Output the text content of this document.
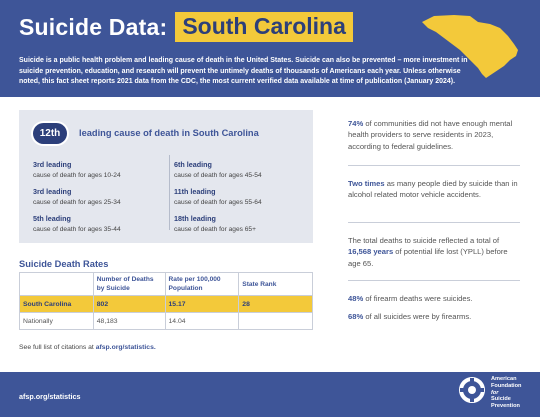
Suicide Data: South Carolina

Suicide is a public health problem and leading cause of death in the United States. Suicide can also be prevented – more investment in suicide prevention, education, and research will prevent the untimely deaths of thousands of Americans each year. Unless otherwise noted, this fact sheet reports 2021 data from the CDC, the most current verified data available at time of publication (January 2024).

12th	leading cause of death in South Carolina
3rd leading
cause of death for ages 10-24
3rd leading
cause of death for ages 25-34
5th leading
cause of death for ages 35-44
6th leading
cause of death for ages 45-54
11th leading
cause of death for ages 55-64
18th leading
cause of death for ages 65+
Suicide Death Rates
	Number of Deaths by Suicide	Rate per 100,000 Population	State Rank
South Carolina	802	15.17	28
Nationally	48,183	14.04	
See full list of citations at afsp.org/statistics.

74% of communities did not have enough mental health providers to serve residents in 2023, according to federal guidelines.

Two times as many people died by suicide than in alcohol related motor vehicle accidents.

The total deaths to suicide reflected a total of 16,568 years of potential life lost (YPLL) before age 65.

48% of firearm deaths were suicides.

68% of all suicides were by firearms.

afsp.org/statistics
American
Foundation
for
Suicide
Prevention
